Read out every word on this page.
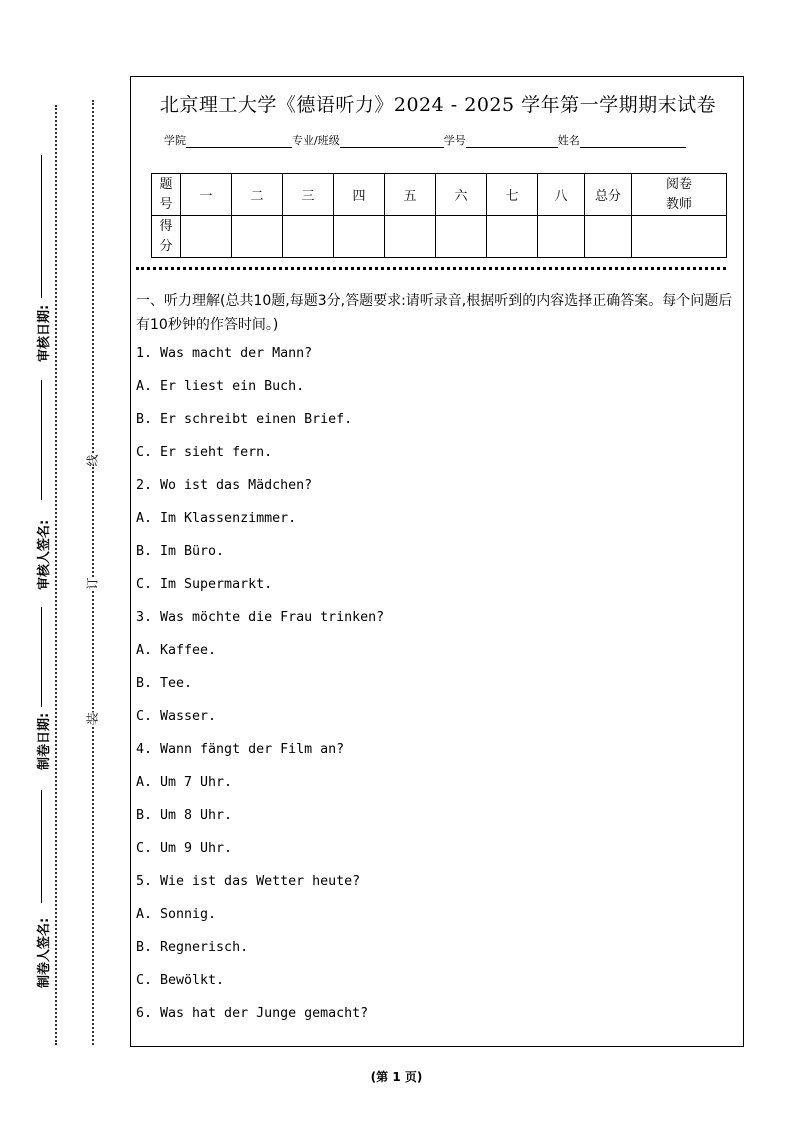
审核日期:
审核人签名:
制卷日期:
制卷人签名:
线
订
装
北京理工大学《德语听力》2024 - 2025 学年第一学期期末试卷
学院	专业/班级	学号	姓名
题号	一	二	三	四	五	六	七	八	总分	阅卷教师
得分										

一、听力理解(总共10题,每题3分,答题要求:请听录音,根据听到的内容选择正确答案。每个问题后有10秒钟的作答时间。)

1. Was macht der Mann?
A. Er liest ein Buch.
B. Er schreibt einen Brief.
C. Er sieht fern.
2. Wo ist das Mädchen?
A. Im Klassenzimmer.
B. Im Büro.
C. Im Supermarkt.
3. Was möchte die Frau trinken?
A. Kaffee.
B. Tee.
C. Wasser.
4. Wann fängt der Film an?
A. Um 7 Uhr.
B. Um 8 Uhr.
C. Um 9 Uhr.
5. Wie ist das Wetter heute?
A. Sonnig.
B. Regnerisch.
C. Bewölkt.
6. Was hat der Junge gemacht?
(第 1 页)
